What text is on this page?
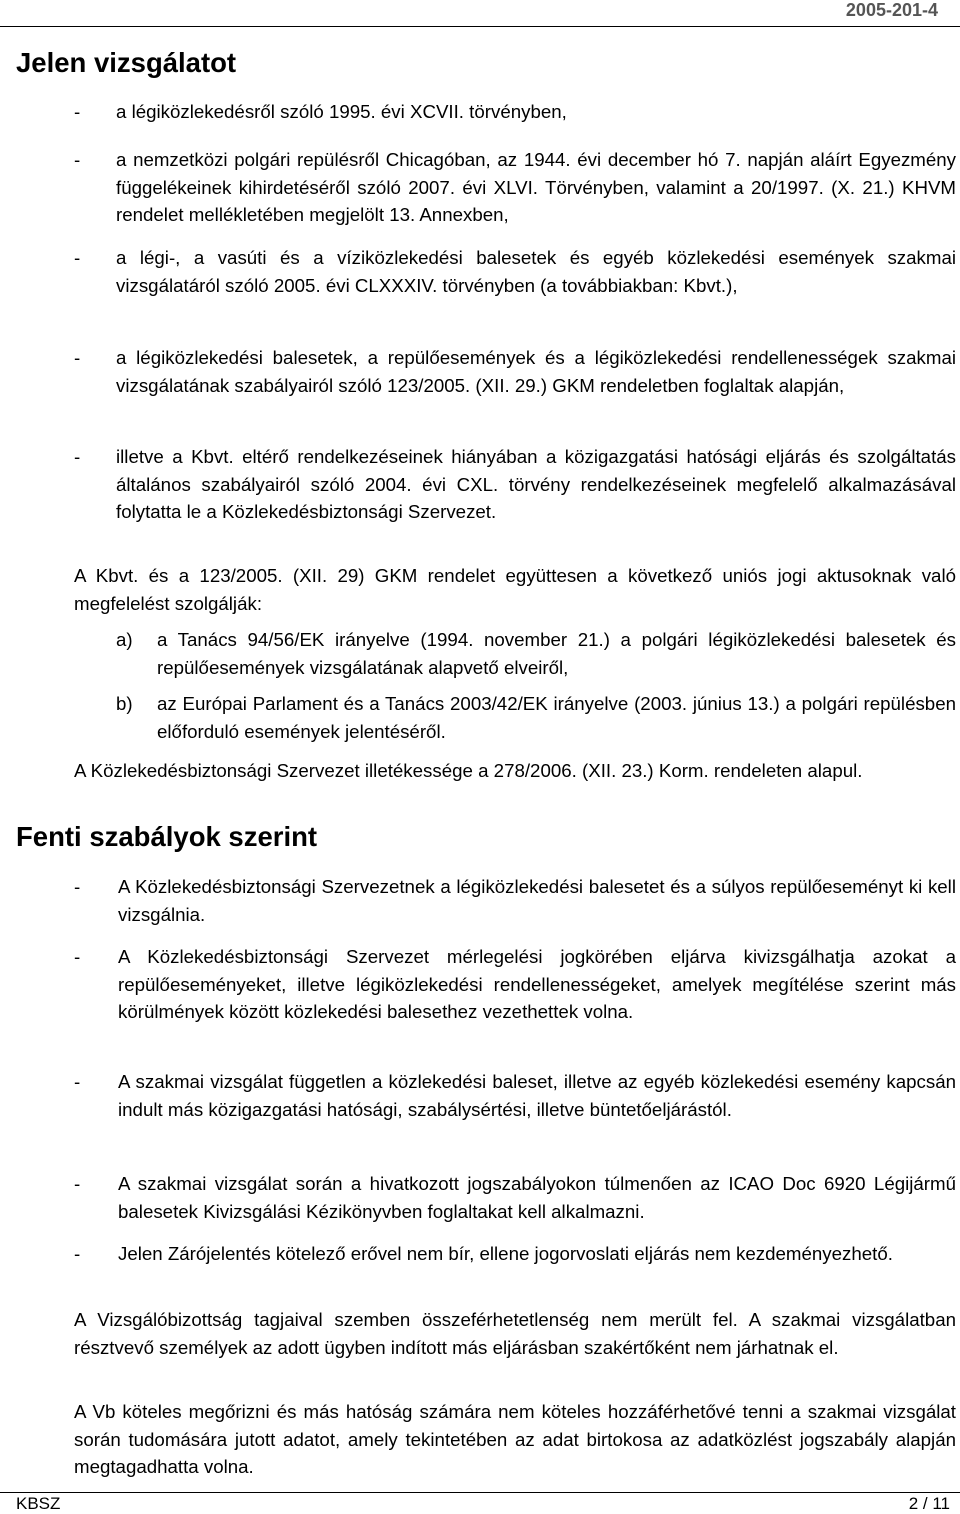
2005-201-4
Jelen vizsgálatot
- a légiközlekedésről szóló 1995. évi XCVII. törvényben,
- a nemzetközi polgári repülésről Chicagóban, az 1944. évi december hó 7. napján aláírt Egyezmény függelékeinek kihirdetéséről szóló 2007. évi XLVI. Törvényben, valamint a 20/1997. (X. 21.) KHVM rendelet mellékletében megjelölt 13. Annexben,
- a légi-, a vasúti és a víziközlekedési balesetek és egyéb közlekedési események szakmai vizsgálatáról szóló 2005. évi CLXXXIV. törvényben (a továbbiakban: Kbvt.),
- a légiközlekedési balesetek, a repülőesemények és a légiközlekedési rendellenességek szakmai vizsgálatának szabályairól szóló 123/2005. (XII. 29.) GKM rendeletben foglaltak alapján,
- illetve a Kbvt. eltérő rendelkezéseinek hiányában a közigazgatási hatósági eljárás és szolgáltatás általános szabályairól szóló 2004. évi CXL. törvény rendelkezéseinek megfelelő alkalmazásával folytatta le a Közlekedésbiztonsági Szervezet.
A Kbvt. és a 123/2005. (XII. 29) GKM rendelet együttesen a következő uniós jogi aktusoknak való megfelelést szolgálják:
a) a Tanács 94/56/EK irányelve (1994. november 21.) a polgári légiközlekedési balesetek és repülőesemények vizsgálatának alapvető elveiről,
b) az Európai Parlament és a Tanács 2003/42/EK irányelve (2003. június 13.) a polgári repülésben előforduló események jelentéséről.
A Közlekedésbiztonsági Szervezet illetékessége a 278/2006. (XII. 23.) Korm. rendeleten alapul.
Fenti szabályok szerint
- A Közlekedésbiztonsági Szervezetnek a légiközlekedési balesetet és a súlyos repülőeseményt ki kell vizsgálnia.
- A Közlekedésbiztonsági Szervezet mérlegelési jogkörében eljárva kivizsgálhatja azokat a repülőeseményeket, illetve légiközlekedési rendellenességeket, amelyek megítélése szerint más körülmények között közlekedési balesethez vezethettek volna.
- A szakmai vizsgálat független a közlekedési baleset, illetve az egyéb közlekedési esemény kapcsán indult más közigazgatási hatósági, szabálysértési, illetve büntetőeljárástól.
- A szakmai vizsgálat során a hivatkozott jogszabályokon túlmenően az ICAO Doc 6920 Légijármű balesetek Kivizsgálási Kézikönyvben foglaltakat kell alkalmazni.
- Jelen Zárójelentés kötelező erővel nem bír, ellene jogorvoslati eljárás nem kezdeményezhető.
A Vizsgálóbizottság tagjaival szemben összeférhetetlenség nem merült fel. A szakmai vizsgálatban résztvevő személyek az adott ügyben indított más eljárásban szakértőként nem járhatnak el.
A Vb köteles megőrizni és más hatóság számára nem köteles hozzáférhetővé tenni a szakmai vizsgálat során tudomására jutott adatot, amely tekintetében az adat birtokosa az adatközlést jogszabály alapján megtagadhatta volna.
KBSZ	2 / 11
